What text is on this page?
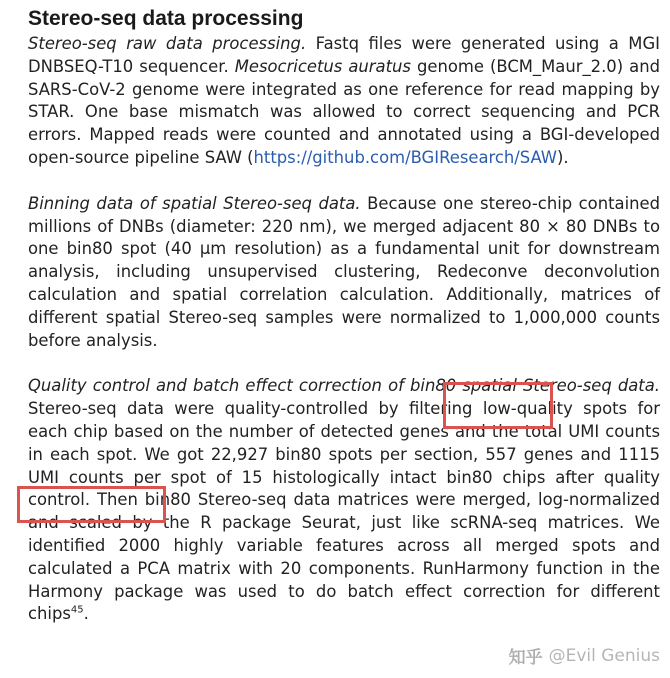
Stereo-seq data processing

Stereo-seq raw data processing. Fastq files were generated using a MGI DNBSEQ-T10 sequencer. Mesocricetus auratus genome (BCM_Maur_2.0) and SARS-CoV-2 genome were integrated as one reference for read mapping by STAR. One base mismatch was allowed to correct sequencing and PCR errors. Mapped reads were counted and annotated using a BGI-developed open-source pipeline SAW (https://github.com/BGIResearch/SAW).

Binning data of spatial Stereo-seq data. Because one stereo-chip contained millions of DNBs (diameter: 220 nm), we merged adjacent 80 × 80 DNBs to one bin80 spot (40 µm resolution) as a fundamental unit for downstream analysis, including unsupervised clustering, Redeconve deconvolution calculation and spatial correlation calculation. Additionally, matrices of different spatial Stereo-seq samples were normalized to 1,000,000 counts before analysis.

Quality control and batch effect correction of bin80 spatial Stereo-seq data. Stereo-seq data were quality-controlled by filtering low-quality spots for each chip based on the number of detected genes and the total UMI counts in each spot. We got 22,927 bin80 spots per section, 557 genes and 1115 UMI counts per spot of 15 histologically intact bin80 chips after quality control. Then bin80 Stereo-seq data matrices were merged, log-normalized and scaled by the R package Seurat, just like scRNA-seq matrices. We identified 2000 highly variable features across all merged spots and calculated a PCA matrix with 20 components. RunHarmony function in the Harmony package was used to do batch effect correction for different chips$^{45}$.

知乎 @Evil Genius
